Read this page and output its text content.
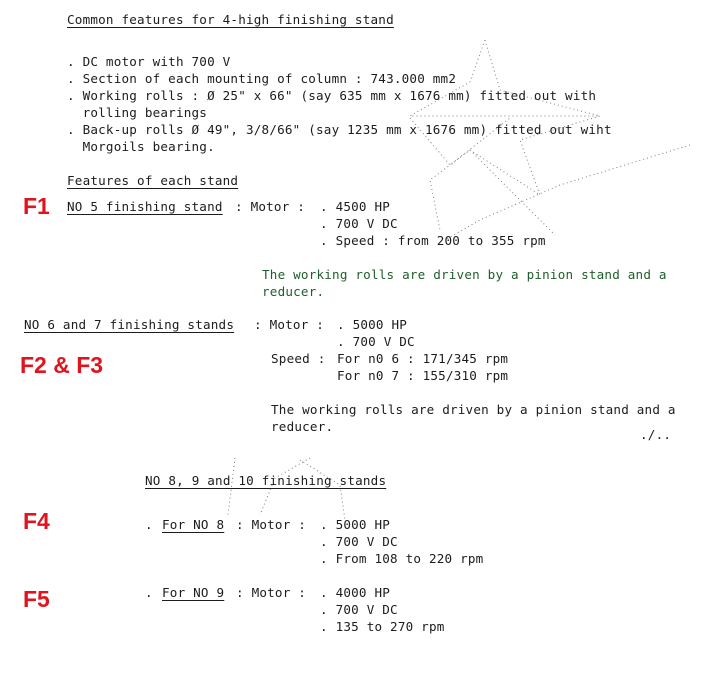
Common features for 4-high finishing stand
. DC motor with 700 V
. Section of each mounting of column : 743.000 mm2
. Working rolls : Ø 25" x 66" (say 635 mm x 1676 mm) fitted out with
rolling bearings
. Back-up rolls Ø 49", 3/8/66" (say 1235 mm x 1676 mm) fitted out wiht
Morgoils bearing.
Features of each stand
F1 NO 5 finishing stand : Motor : . 4500 HP
. 700 V DC
. Speed : from 200 to 355 rpm
The working rolls are driven by a pinion stand and a
reducer.
NO 6 and 7 finishing stands : Motor : . 5000 HP
. 700 V DC
F2 & F3	Speed : For n0 6 : 171/345 rpm
For n0 7 : 155/310 rpm
The working rolls are driven by a pinion stand and a
reducer.
./..
NO 8, 9 and 10 finishing stands
F4	. For NO 8 : Motor : . 5000 HP
. 700 V DC
. From 108 to 220 rpm
F5	. For NO 9 : Motor : . 4000 HP
. 700 V DC
. 135 to 270 rpm
